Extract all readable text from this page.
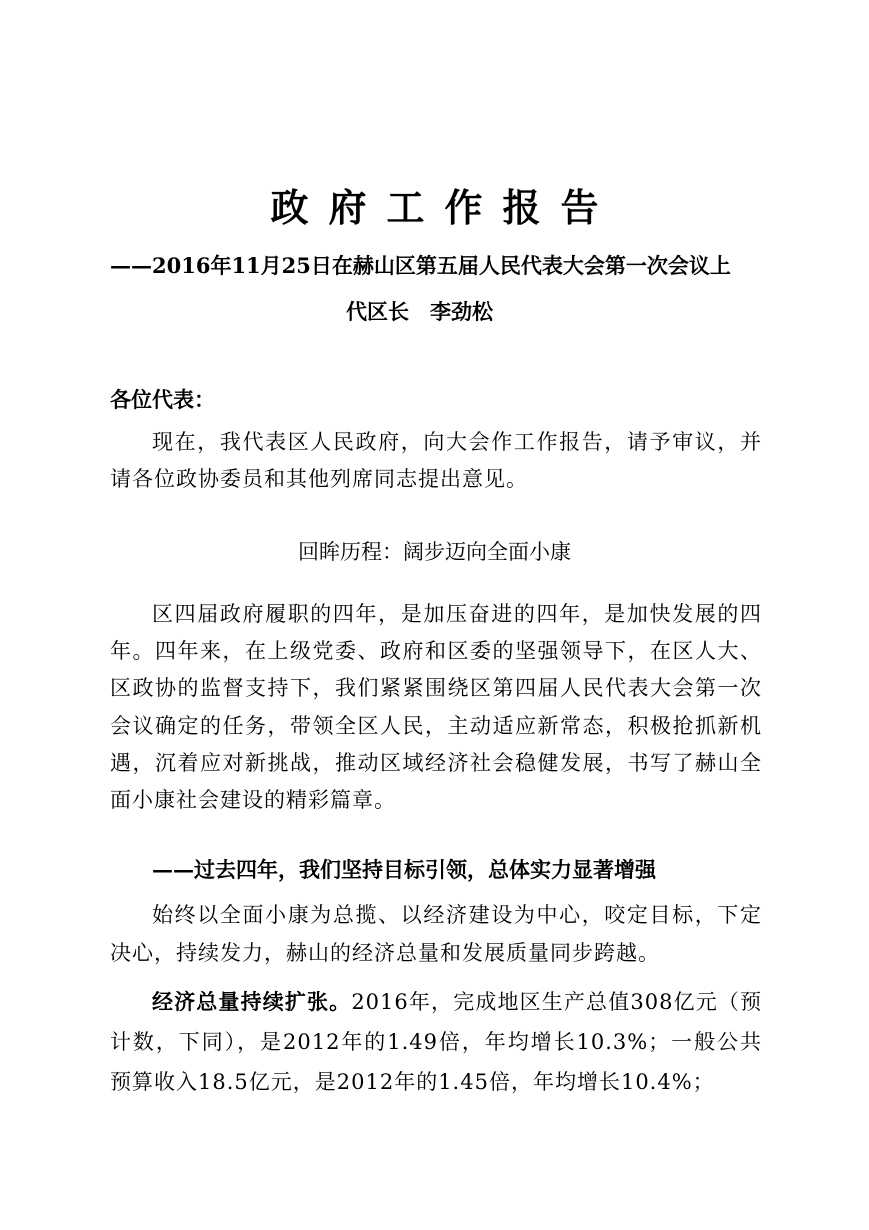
政府工作报告
——2016年11月25日在赫山区第五届人民代表大会第一次会议上
代区长　李劲松
各位代表：
现在，我代表区人民政府，向大会作工作报告，请予审议，并请各位政协委员和其他列席同志提出意见。
回眸历程：阔步迈向全面小康
区四届政府履职的四年，是加压奋进的四年，是加快发展的四年。四年来，在上级党委、政府和区委的坚强领导下，在区人大、区政协的监督支持下，我们紧紧围绕区第四届人民代表大会第一次会议确定的任务，带领全区人民，主动适应新常态，积极抢抓新机遇，沉着应对新挑战，推动区域经济社会稳健发展，书写了赫山全面小康社会建设的精彩篇章。
——过去四年，我们坚持目标引领，总体实力显著增强
始终以全面小康为总揽、以经济建设为中心，咬定目标，下定决心，持续发力，赫山的经济总量和发展质量同步跨越。
经济总量持续扩张。2016年，完成地区生产总值308亿元（预计数，下同），是2012年的1.49倍，年均增长10.3%；一般公共预算收入18.5亿元，是2012年的1.45倍，年均增长10.4%；
